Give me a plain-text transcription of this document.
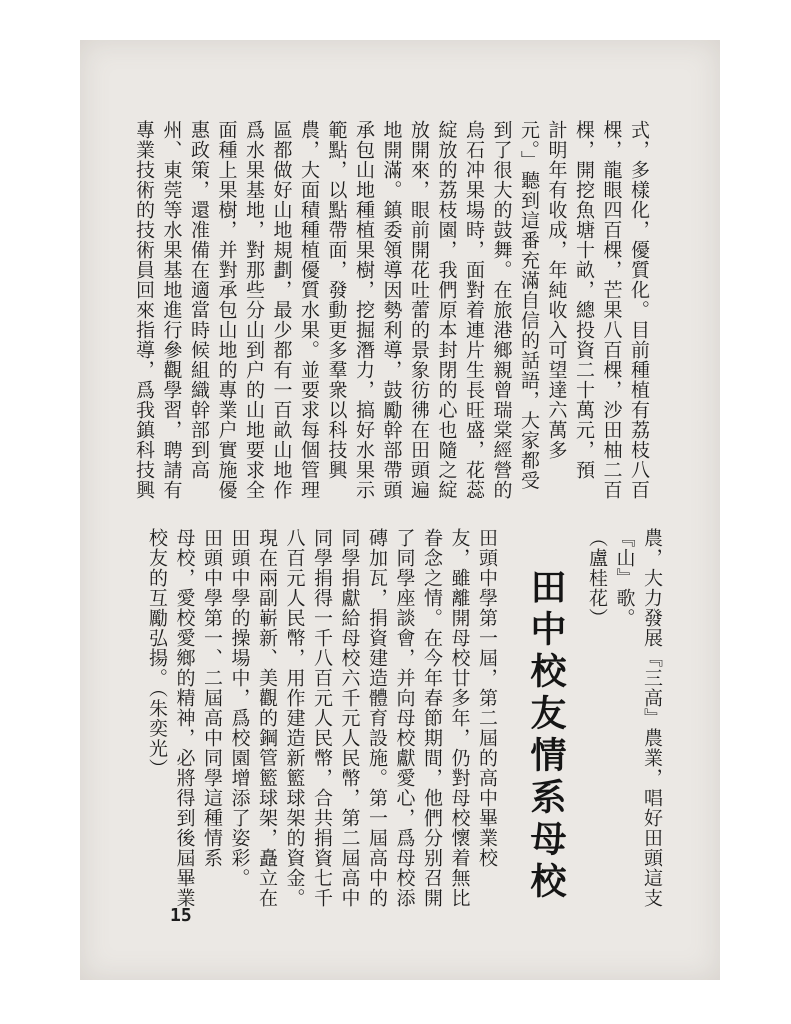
式，多樣化，優質化。目前種植有荔枝八百
棵，龍眼四百棵，芒果八百棵，沙田柚二百
棵，開挖魚塘十畝，總投資二十萬元，預
計明年有收成，年純收入可望達六萬多
元。」聽到這番充滿自信的話語，大家都受
到了很大的鼓舞。在旅港鄉親曾瑞棠經營的
烏石冲果場時，面對着連片生長旺盛，花蕊
綻放的荔枝園，我們原本封閉的心也隨之綻
放開來，眼前開花吐蕾的景象彷彿在田頭遍
地開滿。鎮委領導因勢利導，鼓勵幹部帶頭
承包山地種植果樹，挖掘潛力，搞好水果示
範點，以點帶面，發動更多羣衆以科技興
農，大面積種植優質水果。並要求每個管理
區都做好山地規劃，最少都有一百畝山地作
爲水果基地，對那些分山到户的山地要求全
面種上果樹，并對承包山地的專業户實施優
惠政策，還准備在適當時候組織幹部到高
州、東莞等水果基地進行參觀學習，聘請有
專業技術的技術員回來指導，爲我鎮科技興
農，大力發展『三高』農業，唱好田頭這支
『山』歌。
（盧桂花）

田頭中學第一屆，第二屆的高中畢業校
友，雖離開母校廿多年，仍對母校懷着無比
眷念之情。在今年春節期間，他們分别召開
了同學座談會，并向母校獻愛心，爲母校添
磚加瓦，捐資建造體育設施。第一屆高中的
同學捐獻給母校六千元人民幣，第二屆高中
同學捐得一千八百元人民幣，合共捐資七千
八百元人民幣，用作建造新籃球架的資金。
現在兩副嶄新、美觀的鋼管籃球架，矗立在
田頭中學的操場中，爲校園增添了姿彩。
田頭中學第一、二屆高中同學這種情系
母校，愛校愛鄉的精神，必將得到後屆畢業
校友的互勵弘揚。（朱奕光）	田中校友情系母校
15
